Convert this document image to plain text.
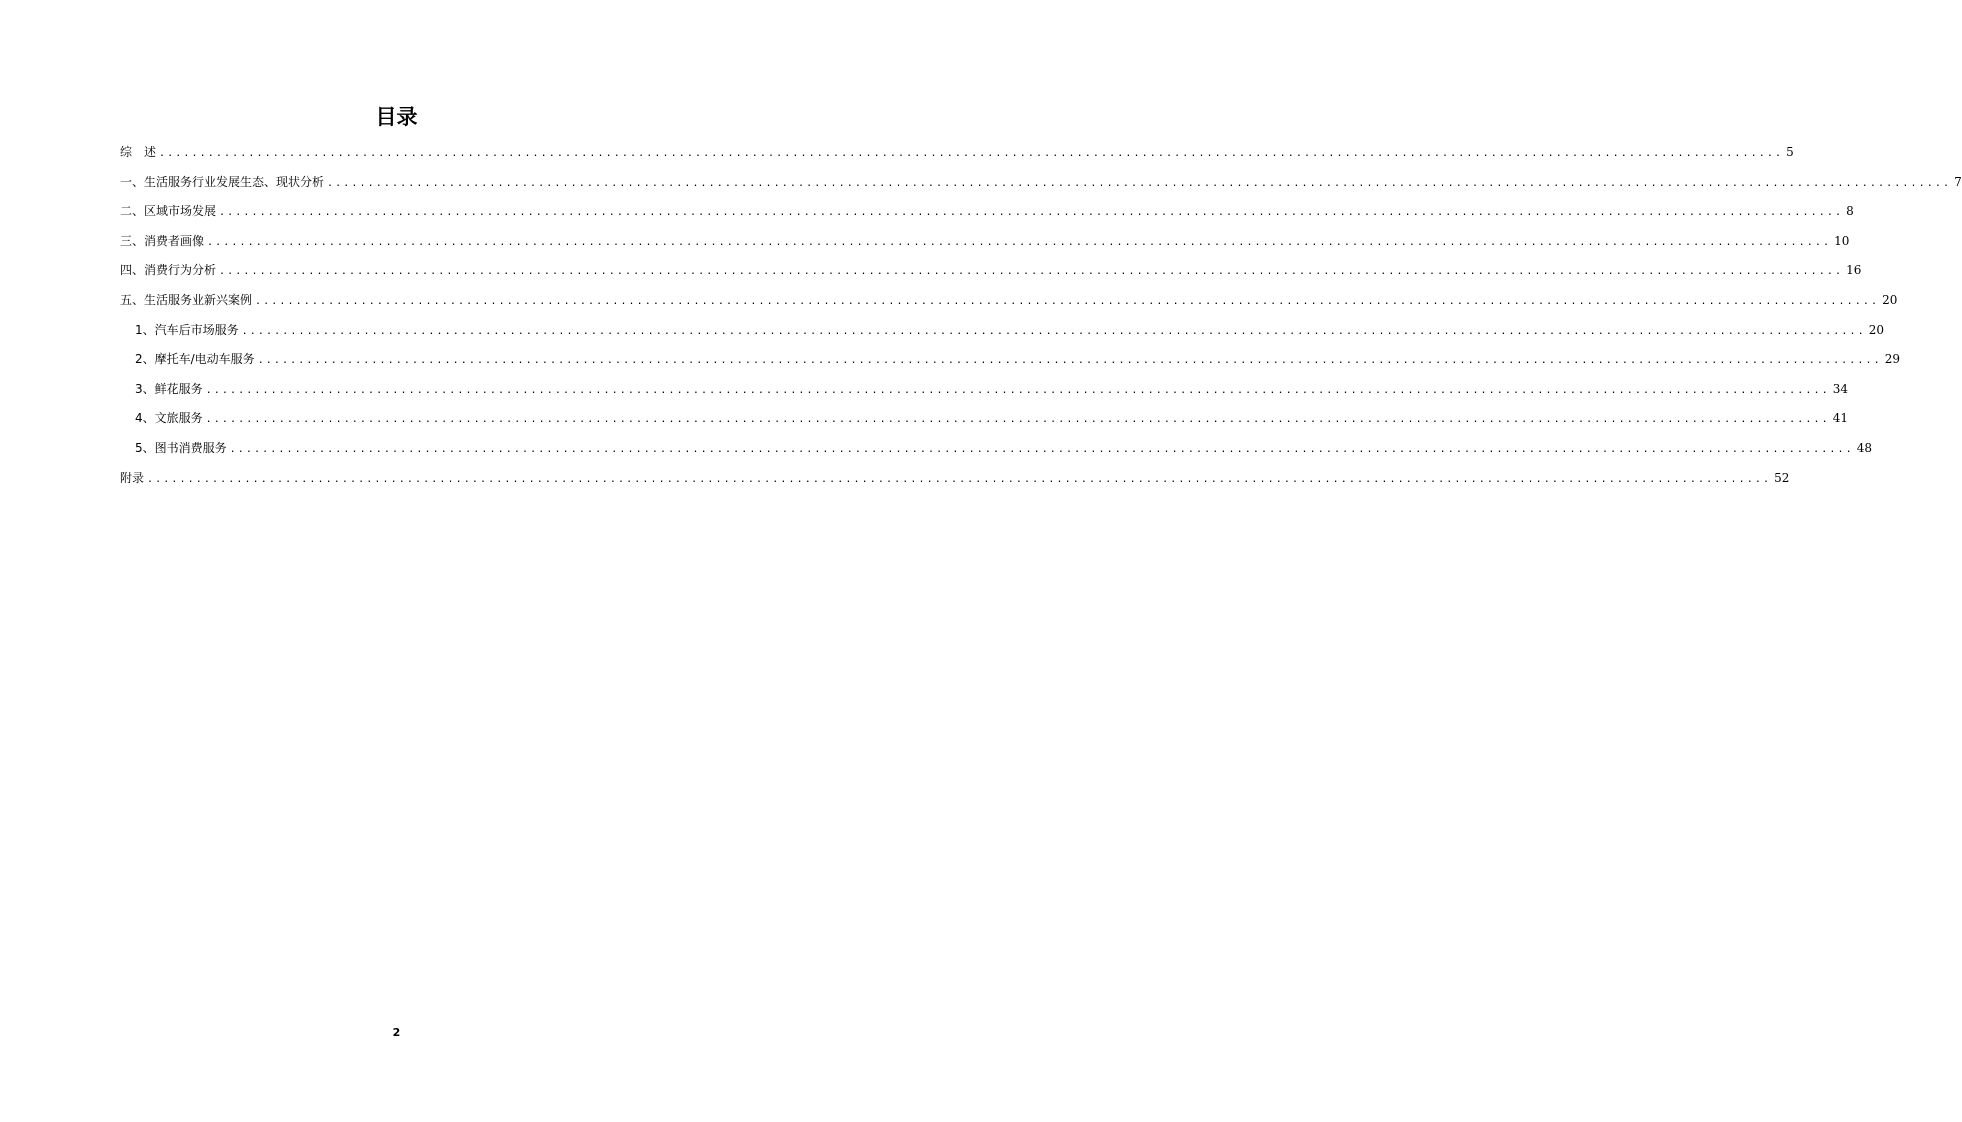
目录
综　述 ........................................................................................................................................................................................................ 5
一、生活服务行业发展生态、现状分析 ........................................................................................................................................................................................................ 7
二、区域市场发展 ........................................................................................................................................................................................................ 8
三、消费者画像 ........................................................................................................................................................................................................ 10
四、消费行为分析 ........................................................................................................................................................................................................ 16
五、生活服务业新兴案例 ........................................................................................................................................................................................................ 20
1、汽车后市场服务 ........................................................................................................................................................................................................ 20
2、摩托车/电动车服务 ........................................................................................................................................................................................................ 29
3、鲜花服务 ........................................................................................................................................................................................................ 34
4、文旅服务 ........................................................................................................................................................................................................ 41
5、图书消费服务 ........................................................................................................................................................................................................ 48
附录 ........................................................................................................................................................................................................ 52
2
